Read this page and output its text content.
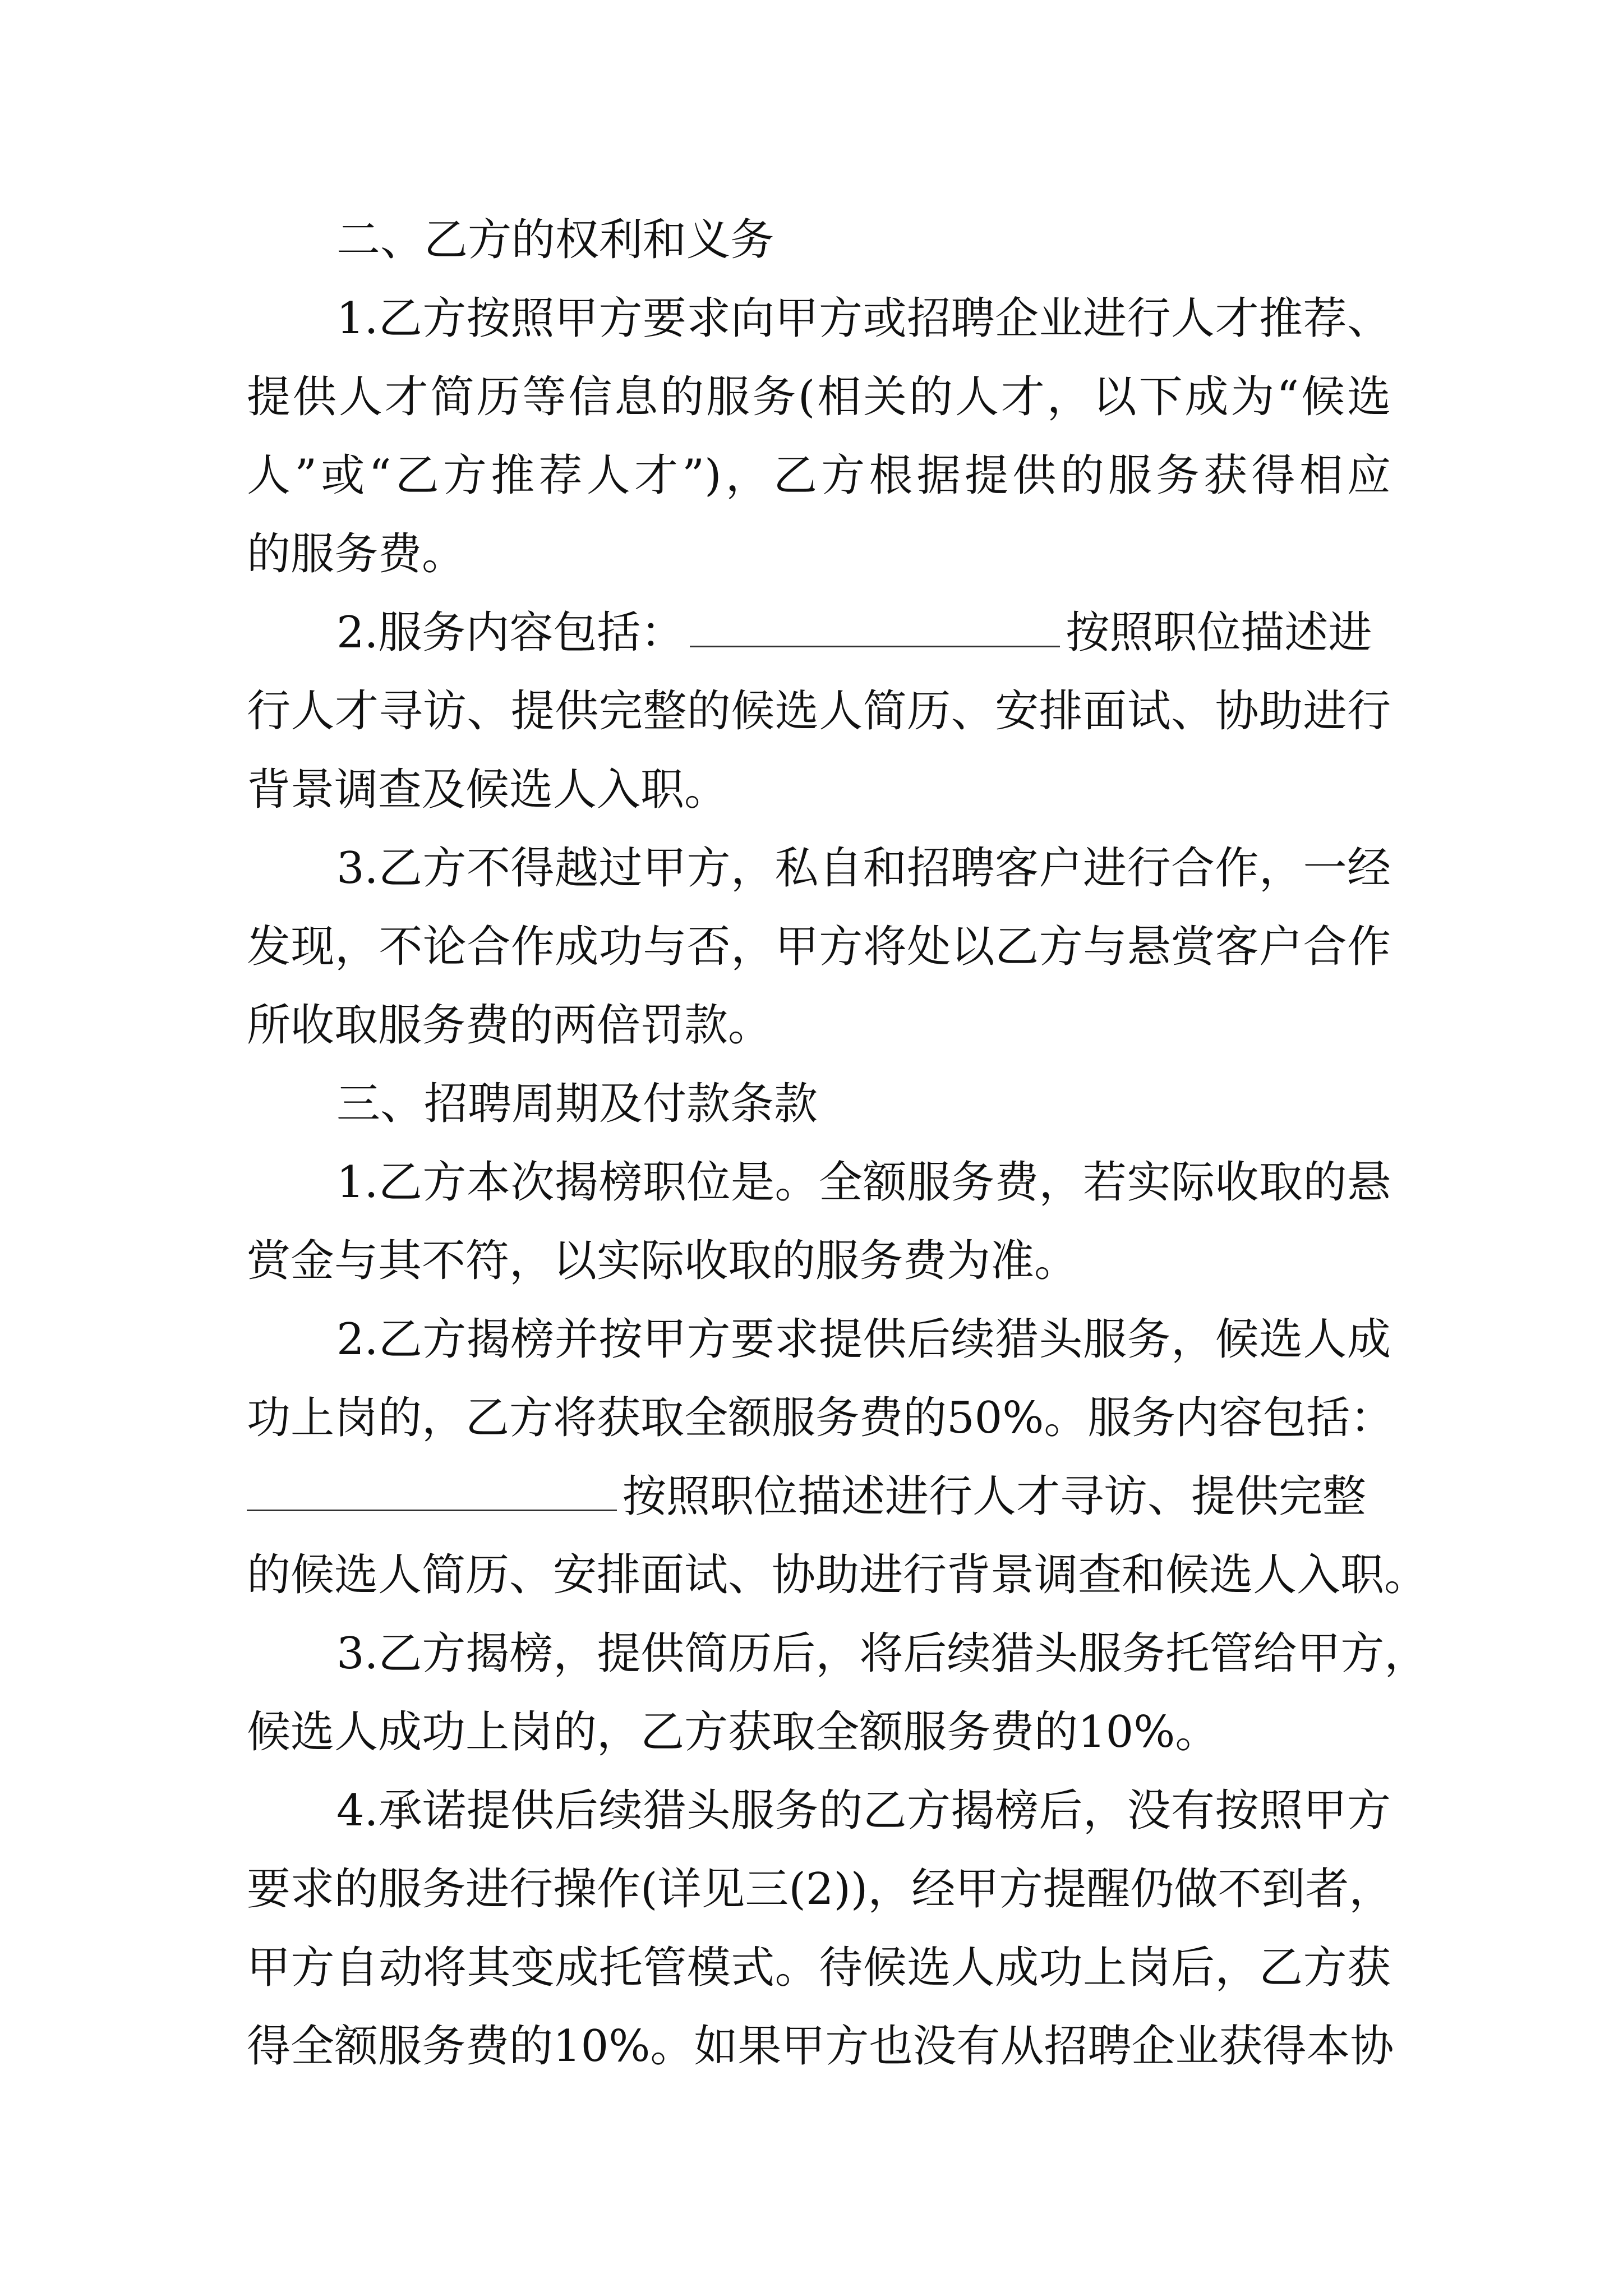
二、乙方的权利和义务
1.乙方按照甲方要求向甲方或招聘企业进行人才推荐、
提供人才简历等信息的服务(相关的人才，以下成为“候选
人”或“乙方推荐人才”)，乙方根据提供的服务获得相应
的服务费。
2.服务内容包括：	按照职位描述进
行人才寻访、提供完整的候选人简历、安排面试、协助进行
背景调查及候选人入职。
3.乙方不得越过甲方，私自和招聘客户进行合作，一经
发现，不论合作成功与否，甲方将处以乙方与悬赏客户合作
所收取服务费的两倍罚款。
三、招聘周期及付款条款
1.乙方本次揭榜职位是。全额服务费，若实际收取的悬
赏金与其不符，以实际收取的服务费为准。
2.乙方揭榜并按甲方要求提供后续猎头服务，候选人成
功上岗的，乙方将获取全额服务费的50%。服务内容包括：
按照职位描述进行人才寻访、提供完整
的候选人简历、安排面试、协助进行背景调查和候选人入职。
3.乙方揭榜，提供简历后，将后续猎头服务托管给甲方，
候选人成功上岗的，乙方获取全额服务费的10%。
4.承诺提供后续猎头服务的乙方揭榜后，没有按照甲方
要求的服务进行操作(详见三(2))，经甲方提醒仍做不到者，
甲方自动将其变成托管模式。待候选人成功上岗后，乙方获
得全额服务费的10%。如果甲方也没有从招聘企业获得本协
